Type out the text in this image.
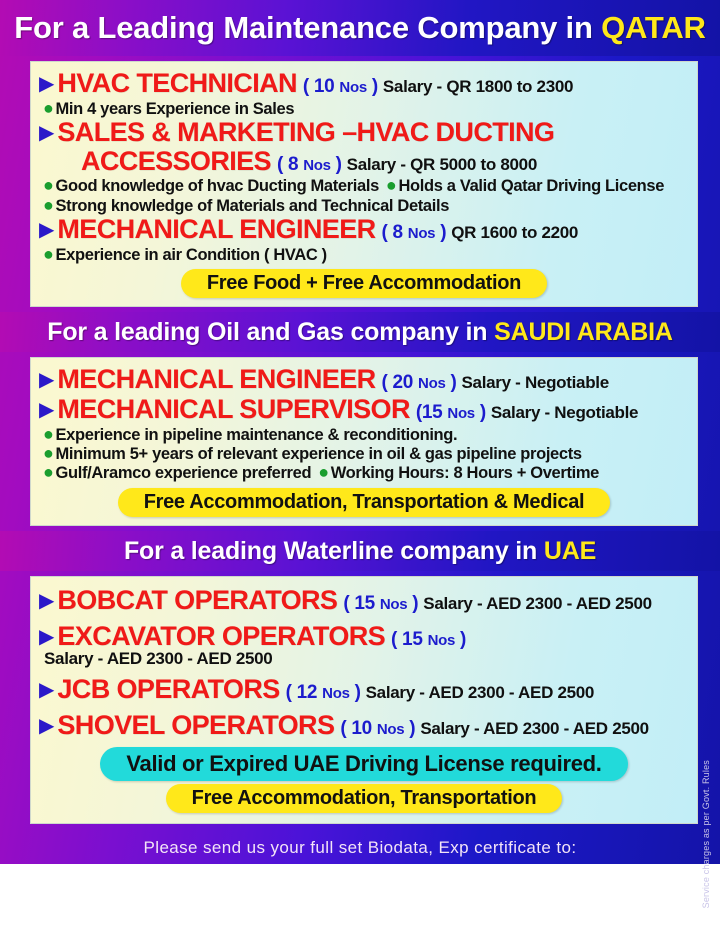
For a Leading Maintenance Company in QATAR
▶ HVAC TECHNICIAN ( 10 Nos ) Salary - QR 1800 to 2300
● Min 4 years Experience in Sales
▶ SALES & MARKETING –HVAC DUCTING
ACCESSORIES ( 8 Nos ) Salary - QR 5000 to 8000
● Good knowledge of hvac Ducting Materials ● Holds a Valid Qatar Driving License
● Strong knowledge of Materials and Technical Details
▶ MECHANICAL ENGINEER ( 8 Nos ) QR 1600 to 2200
● Experience in air Condition ( HVAC )
Free Food + Free Accommodation
For a leading Oil and Gas company in SAUDI ARABIA
▶ MECHANICAL ENGINEER ( 20 Nos ) Salary - Negotiable
▶ MECHANICAL SUPERVISOR (15 Nos ) Salary - Negotiable
● Experience in pipeline maintenance & reconditioning.
● Minimum 5+ years of relevant experience in oil & gas pipeline projects
● Gulf/Aramco experience preferred ● Working Hours: 8 Hours + Overtime
Free Accommodation, Transportation & Medical
For a leading Waterline company in UAE
▶ BOBCAT OPERATORS ( 15 Nos ) Salary - AED 2300 - AED 2500
▶ EXCAVATOR OPERATORS ( 15 Nos )
Salary - AED 2300 - AED 2500
▶ JCB OPERATORS ( 12 Nos ) Salary - AED 2300 - AED 2500
▶ SHOVEL OPERATORS ( 10 Nos ) Salary - AED 2300 - AED 2500
Valid or Expired UAE Driving License required.
Free Accommodation, Transportation
Please send us your full set Biodata, Exp certificate to:
Email: jobbiodatas8@gmail.com PH: 9946557660, 9847057660
SOUMYAA TRAVEL BUREAU - Lic. No.B-872/HYD/PER/1000+/5/8719/2011
Service charges as per Govt. Rules
